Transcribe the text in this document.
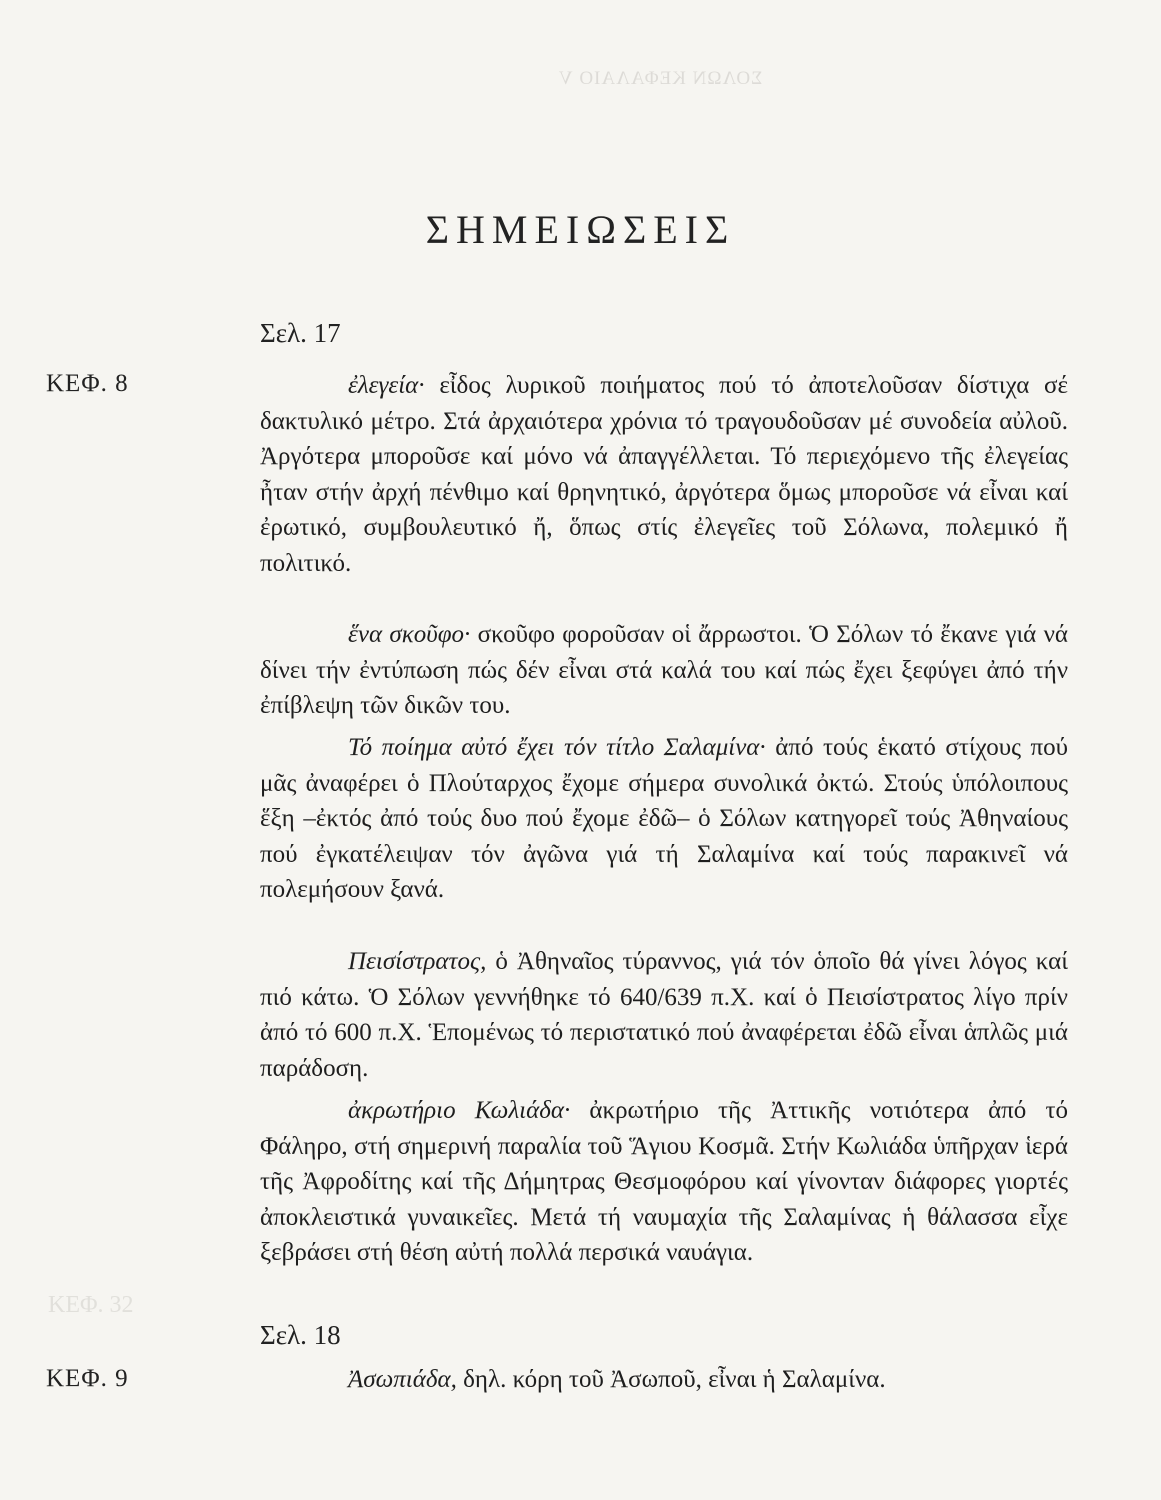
ΣΟΛΩΝ ΚΕΦΑΛΑΙΟ V
ΚΕΦ. 32
ΣΗΜΕΙΩΣΕΙΣ
Σελ. 17
ΚΕΦ. 8	ἐλεγεία· εἶδος λυρικοῦ ποιήματος πού τό ἀποτελοῦσαν δίστιχα σέ δακτυλικό μέτρο. Στά ἀρχαιότερα χρόνια τό τραγουδοῦσαν μέ συνοδεία αὐλοῦ. Ἀργότερα μποροῦσε καί μόνο νά ἀπαγγέλλεται. Τό περιεχόμενο τῆς ἐλεγείας ἦταν στήν ἀρχή πένθιμο καί θρηνητικό, ἀργότερα ὅμως μποροῦσε νά εἶναι καί ἐρωτικό, συμβουλευτικό ἤ, ὅπως στίς ἐλεγεῖες τοῦ Σόλωνα, πολεμικό ἤ πολιτικό.

ἕνα σκοῦφο· σκοῦφο φοροῦσαν οἱ ἄρρωστοι. Ὁ Σόλων τό ἔκανε γιά νά δίνει τήν ἐντύπωση πώς δέν εἶναι στά καλά του καί πώς ἔχει ξεφύγει ἀπό τήν ἐπίβλεψη τῶν δικῶν του.

Τό ποίημα αὐτό ἔχει τόν τίτλο Σαλαμίνα· ἀπό τούς ἑκατό στίχους πού μᾶς ἀναφέρει ὁ Πλούταρχος ἔχομε σήμερα συνολικά ὀκτώ. Στούς ὑπόλοιπους ἕξη –ἐκτός ἀπό τούς δυο πού ἔχομε ἐδῶ– ὁ Σόλων κατηγορεῖ τούς Ἀθηναίους πού ἐγκατέλειψαν τόν ἀγῶνα γιά τή Σαλαμίνα καί τούς παρακινεῖ νά πολεμήσουν ξανά.

Πεισίστρατος, ὁ Ἀθηναῖος τύραννος, γιά τόν ὁποῖο θά γίνει λόγος καί πιό κάτω. Ὁ Σόλων γεννήθηκε τό 640/639 π.Χ. καί ὁ Πεισίστρατος λίγο πρίν ἀπό τό 600 π.Χ. Ἑπομένως τό περιστατικό πού ἀναφέρεται ἐδῶ εἶναι ἁπλῶς μιά παράδοση.

ἀκρωτήριο Κωλιάδα· ἀκρωτήριο τῆς Ἀττικῆς νοτιότερα ἀπό τό Φάληρο, στή σημερινή παραλία τοῦ Ἅγιου Κοσμᾶ. Στήν Κωλιάδα ὑπῆρχαν ἱερά τῆς Ἀφροδίτης καί τῆς Δήμητρας Θεσμοφόρου καί γίνονταν διάφορες γιορτές ἀποκλειστικά γυναικεῖες. Μετά τή ναυμαχία τῆς Σαλαμίνας ἡ θάλασσα εἶχε ξεβράσει στή θέση αὐτή πολλά περσικά ναυάγια.

Σελ. 18
ΚΕΦ. 9	Ἀσωπιάδα, δηλ. κόρη τοῦ Ἀσωποῦ, εἶναι ἡ Σαλαμίνα.
